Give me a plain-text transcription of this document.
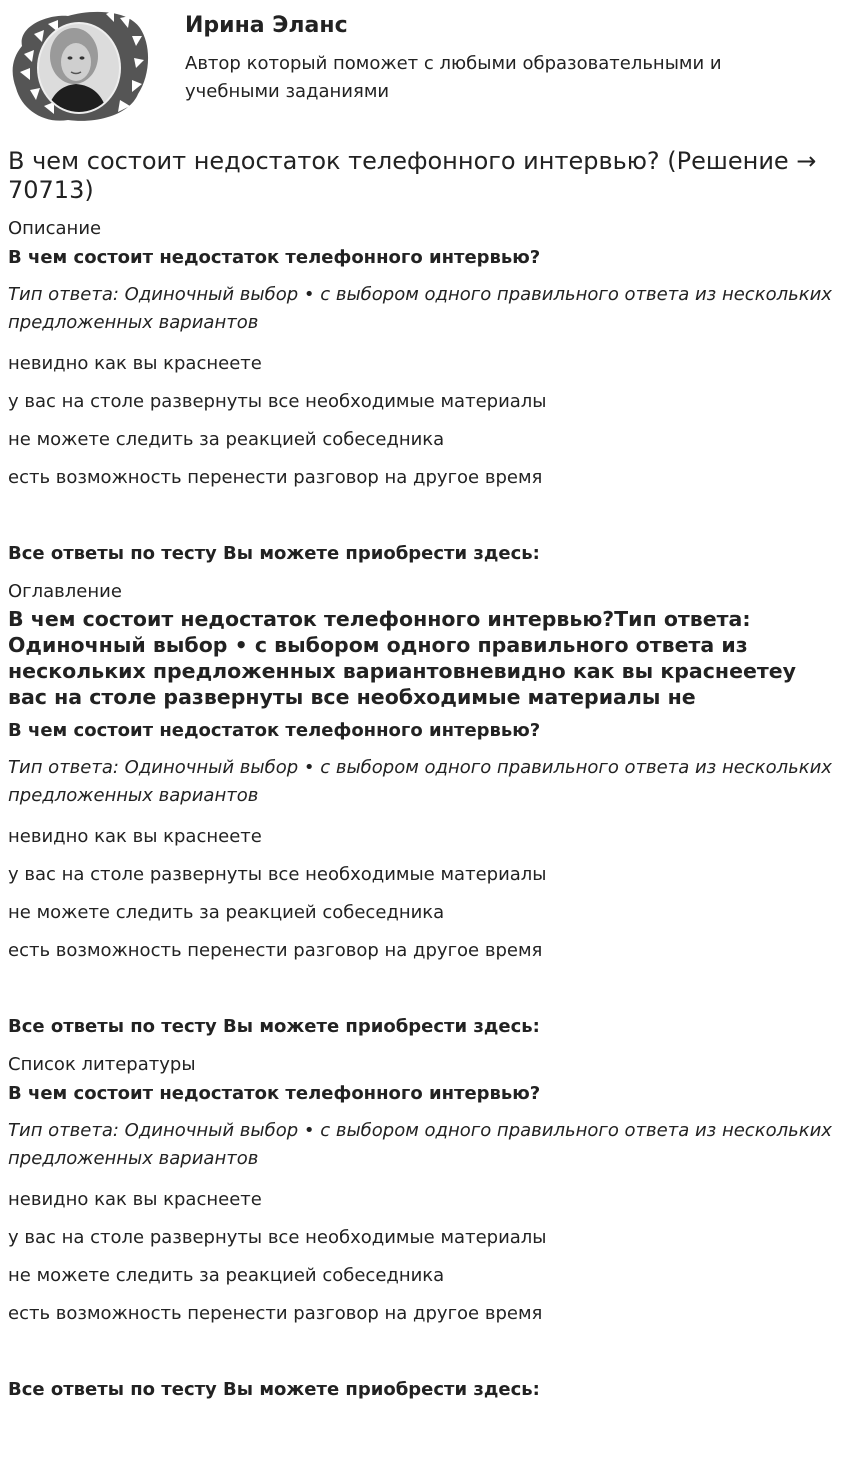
Ирина Эланс

Автор который поможет с любыми образовательными и учебными заданиями

В чем состоит недостаток телефонного интервью? (Решение → 70713)
Описание
В чем состоит недостаток телефонного интервью?
Тип ответа: Одиночный выбор • с выбором одного правильного ответа из нескольких предложенных вариантов
невидно как вы краснеете
у вас на столе развернуты все необходимые материалы
не можете следить за реакцией собеседника
есть возможность перенести разговор на другое время
Все ответы по тесту Вы можете приобрести здесь:
Оглавление
В чем состоит недостаток телефонного интервью?Тип ответа: Одиночный выбор • с выбором одного правильного ответа из нескольких предложенных вариантовневидно как вы краснеетеу вас на столе развернуты все необходимые материалы не
В чем состоит недостаток телефонного интервью?
Тип ответа: Одиночный выбор • с выбором одного правильного ответа из нескольких предложенных вариантов
невидно как вы краснеете
у вас на столе развернуты все необходимые материалы
не можете следить за реакцией собеседника
есть возможность перенести разговор на другое время
Все ответы по тесту Вы можете приобрести здесь:
Список литературы
В чем состоит недостаток телефонного интервью?
Тип ответа: Одиночный выбор • с выбором одного правильного ответа из нескольких предложенных вариантов
невидно как вы краснеете
у вас на столе развернуты все необходимые материалы
не можете следить за реакцией собеседника
есть возможность перенести разговор на другое время
Все ответы по тесту Вы можете приобрести здесь:
